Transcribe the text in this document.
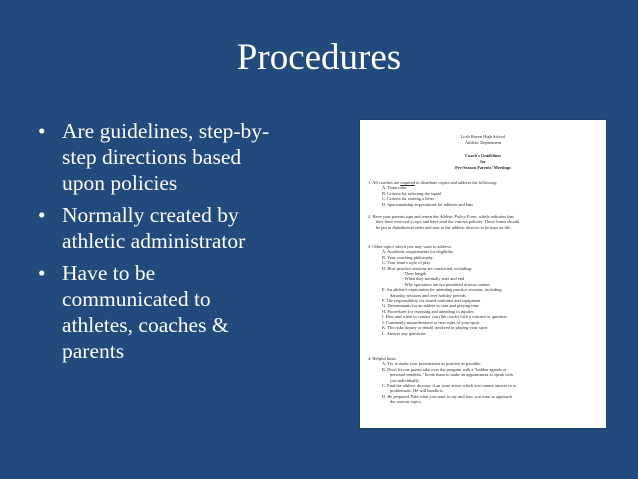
Procedures
• Are guidelines, step-by-
step directions based
upon policies
• Normally created by
athletic administrator
• Have to be
communicated to
athletes, coaches &
parents
Loch Raven High School
Athletic Department
Coach's Guidelines
for
Pre-Season Parents' Meetings

1. All coaches are required to distribute copies and address the following:

A. Team rules

B. Criteria for selecting the squad

C. Criteria for earning a letter

D. Sportsmanship expectations for athletes and fans

2. Have your parents sign and return the Athletic Policy Form, which indicates that

they have received a copy and have read the various policies. These forms should

be put in alphabetical order and sent to the athletic director to be kept on file.

3. Other topics which you may want to address:

A. Academic requirements for eligibility

B. Your coaching philosophy

C. Your team's style of play

D. How practice sessions are conducted, including:

- Their length

- When they normally start and end

- Why spectators are not permitted at most venues

E. An athlete's expectation for attending practice sessions, including

Saturday sessions and over holiday periods

F. The responsibility for issued uniforms and equipment

G. Determinants for an athlete to start and playing time

H. Procedures for reporting and attending to injuries

I. How and when to contact you (the coach) with a concern or question

J. Commonly misunderstood or new rules of your sport

K. The risks (injury or death) involved in playing your sport

L. Answer any questions

4. Helpful hints:

A. Try to make your presentation as positive as possible.

B. Don't let one parent take over the program with a "hidden agenda or

personal vendetta." Invite them to make an appointment to speak with

you individually.

C. Find the athletic director, if an issue arises which you cannot answer or is

problematic. He will handle it.

D. Be prepared. Plan what you want to say and how you want to approach

the various topics.
